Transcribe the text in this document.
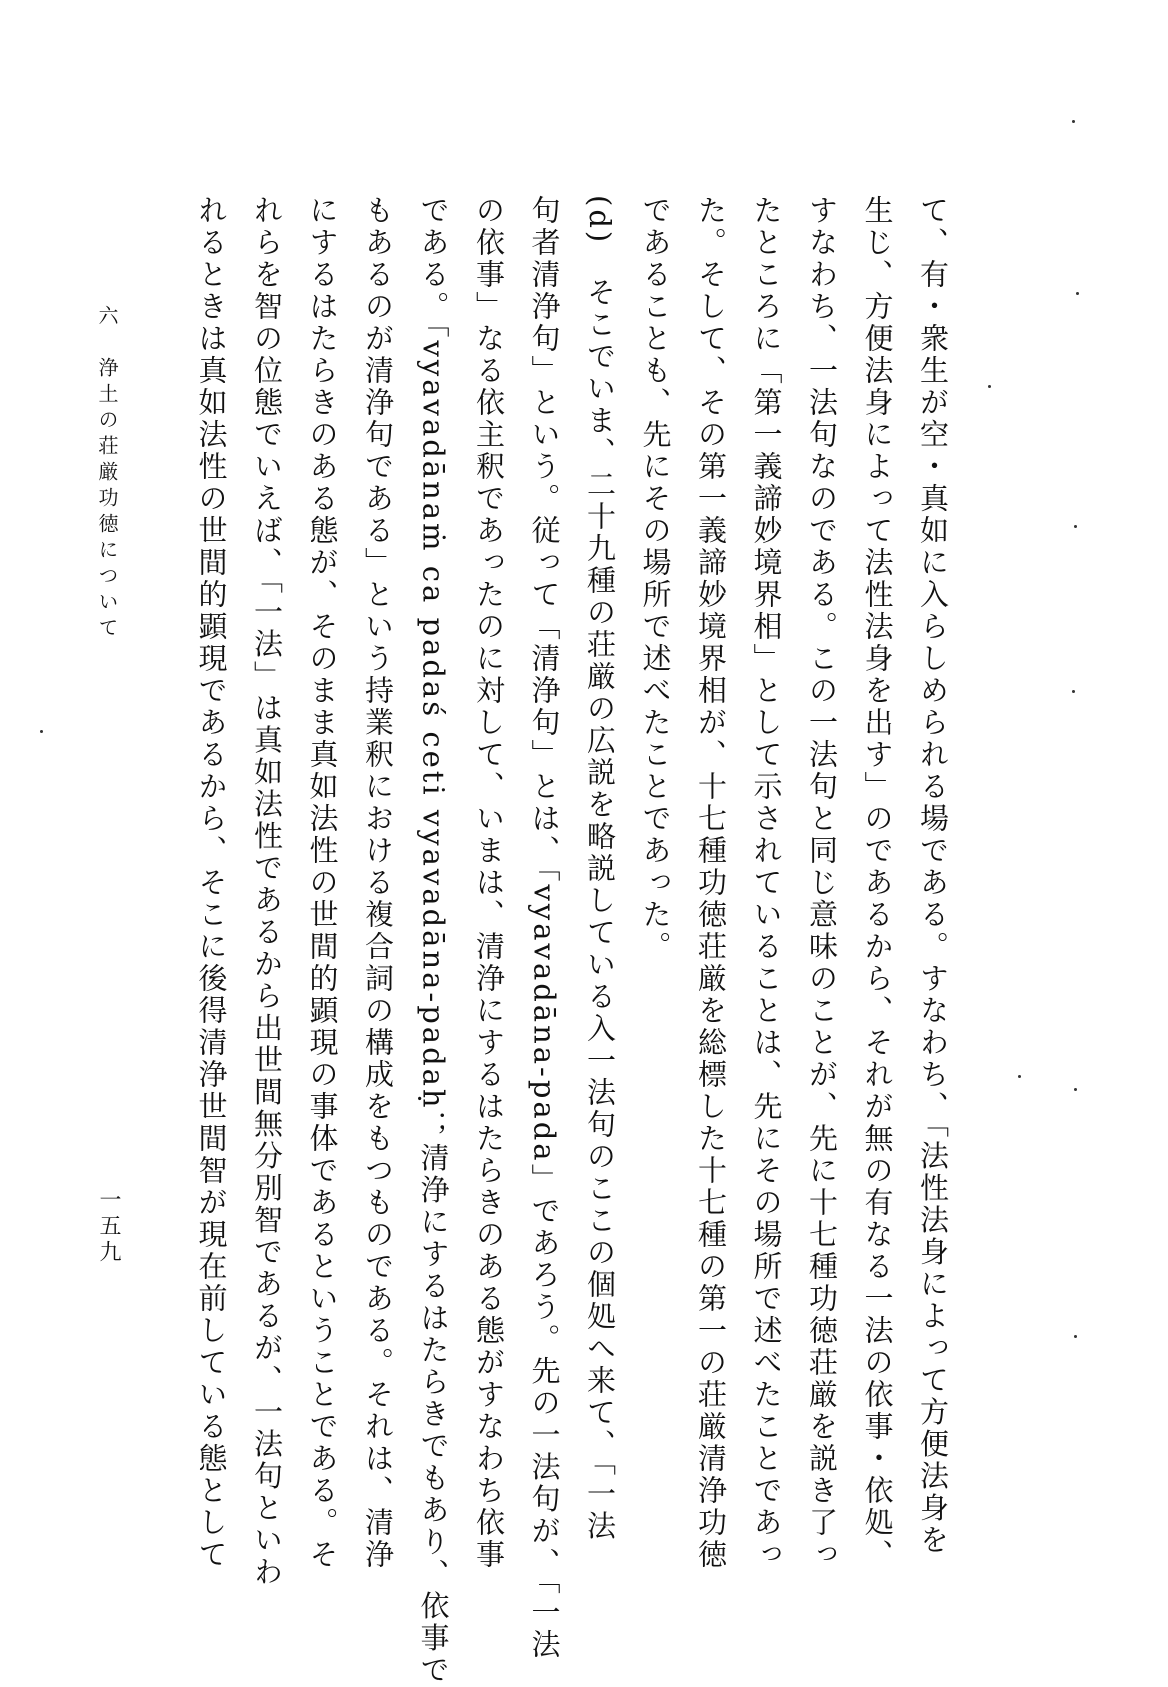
て、有・衆生が空・真如に入らしめられる場である。すなわち、「法性法身によって方便法身を
生じ、方便法身によって法性法身を出す」のであるから、それが無の有なる一法の依事・依処、
すなわち、一法句なのである。この一法句と同じ意味のことが、先に十七種功徳荘厳を説き了っ
たところに「第一義諦妙境界相」として示されていることは、先にその場所で述べたことであっ
た。そして、その第一義諦妙境界相が、十七種功徳荘厳を総標した十七種の第一の荘厳清浄功徳
であることも、先にその場所で述べたことであった。
(d)　そこでいま、二十九種の荘厳の広説を略説している入一法句のここの個処へ来て、「一法
句者清浄句」という。従って「清浄句」とは、「vyavadāna-pada」であろう。先の一法句が、「一法
の依事」なる依主釈であったのに対して、いまは、清浄にするはたらきのある態がすなわち依事
である。「vyavadānaṁ ca padaś ceti vyavadāna-padaḥ；清浄にするはたらきでもあり、依事で
もあるのが清浄句である」という持業釈における複合詞の構成をもつものである。それは、清浄
にするはたらきのある態が、そのまま真如法性の世間的顕現の事体であるということである。そ
れらを智の位態でいえば、「一法」は真如法性であるから出世間無分別智であるが、一法句といわ
れるときは真如法性の世間的顕現であるから、そこに後得清浄世間智が現在前している態として
六　浄土の荘厳功徳について
一五九
